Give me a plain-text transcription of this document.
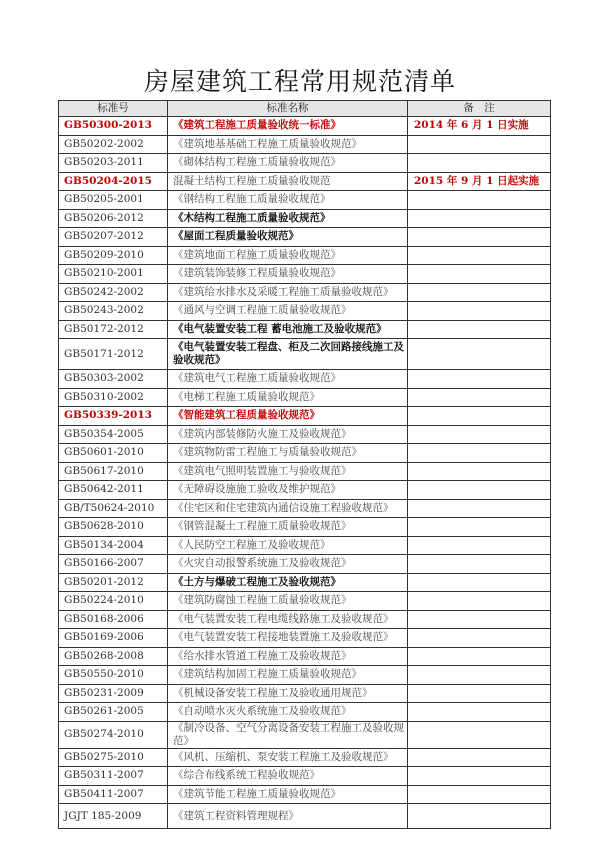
房屋建筑工程常用规范清单
标准号	标准名称	备　注
GB50300-2013	《建筑工程施工质量验收统一标准》	2014 年 6 月 1 日实施
GB50202-2002	《建筑地基基础工程施工质量验收规范》	
GB50203-2011	《砌体结构工程施工质量验收规范》	
GB50204-2015	混凝土结构工程施工质量验收规范	2015 年 9 月 1 日起实施
GB50205-2001	《钢结构工程施工质量验收规范》	
GB50206-2012	《木结构工程施工质量验收规范》	
GB50207-2012	《屋面工程质量验收规范》	
GB50209-2010	《建筑地面工程施工质量验收规范》	
GB50210-2001	《建筑装饰装修工程质量验收规范》	
GB50242-2002	《建筑给水排水及采暖工程施工质量验收规范》	
GB50243-2002	《通风与空调工程施工质量验收规范》	
GB50172-2012	《电气装置安装工程 蓄电池施工及验收规范》	
GB50171-2012	《电气装置安装工程盘、柜及二次回路接线施工及验收规范》	
GB50303-2002	《建筑电气工程施工质量验收规范》	
GB50310-2002	《电梯工程施工质量验收规范》	
GB50339-2013	《智能建筑工程质量验收规范》	
GB50354-2005	《建筑内部装修防火施工及验收规范》	
GB50601-2010	《建筑物防雷工程施工与质量验收规范》	
GB50617-2010	《建筑电气照明装置施工与验收规范》	
GB50642-2011	《无障碍设施施工验收及维护规范》	
GB/T50624-2010	《住宅区和住宅建筑内通信设施工程验收规范》	
GB50628-2010	《钢管混凝土工程施工质量验收规范》	
GB50134-2004	《人民防空工程施工及验收规范》	
GB50166-2007	《火灾自动报警系统施工及验收规范》	
GB50201-2012	《土方与爆破工程施工及验收规范》	
GB50224-2010	《建筑防腐蚀工程施工质量验收规范》	
GB50168-2006	《电气装置安装工程电缆线路施工及验收规范》	
GB50169-2006	《电气装置安装工程接地装置施工及验收规范》	
GB50268-2008	《给水排水管道工程施工及验收规范》	
GB50550-2010	《建筑结构加固工程施工质量验收规范》	
GB50231-2009	《机械设备安装工程施工及验收通用规范》	
GB50261-2005	《自动喷水灭火系统施工及验收规范》	
GB50274-2010	《制冷设备、空气分离设备安装工程施工及验收规范》	
GB50275-2010	《风机、压缩机、泵安装工程施工及验收规范》	
GB50311-2007	《综合布线系统工程验收规范》	
GB50411-2007	《建筑节能工程施工质量验收规范》	
JGJT 185-2009	《建筑工程资料管理规程》	
